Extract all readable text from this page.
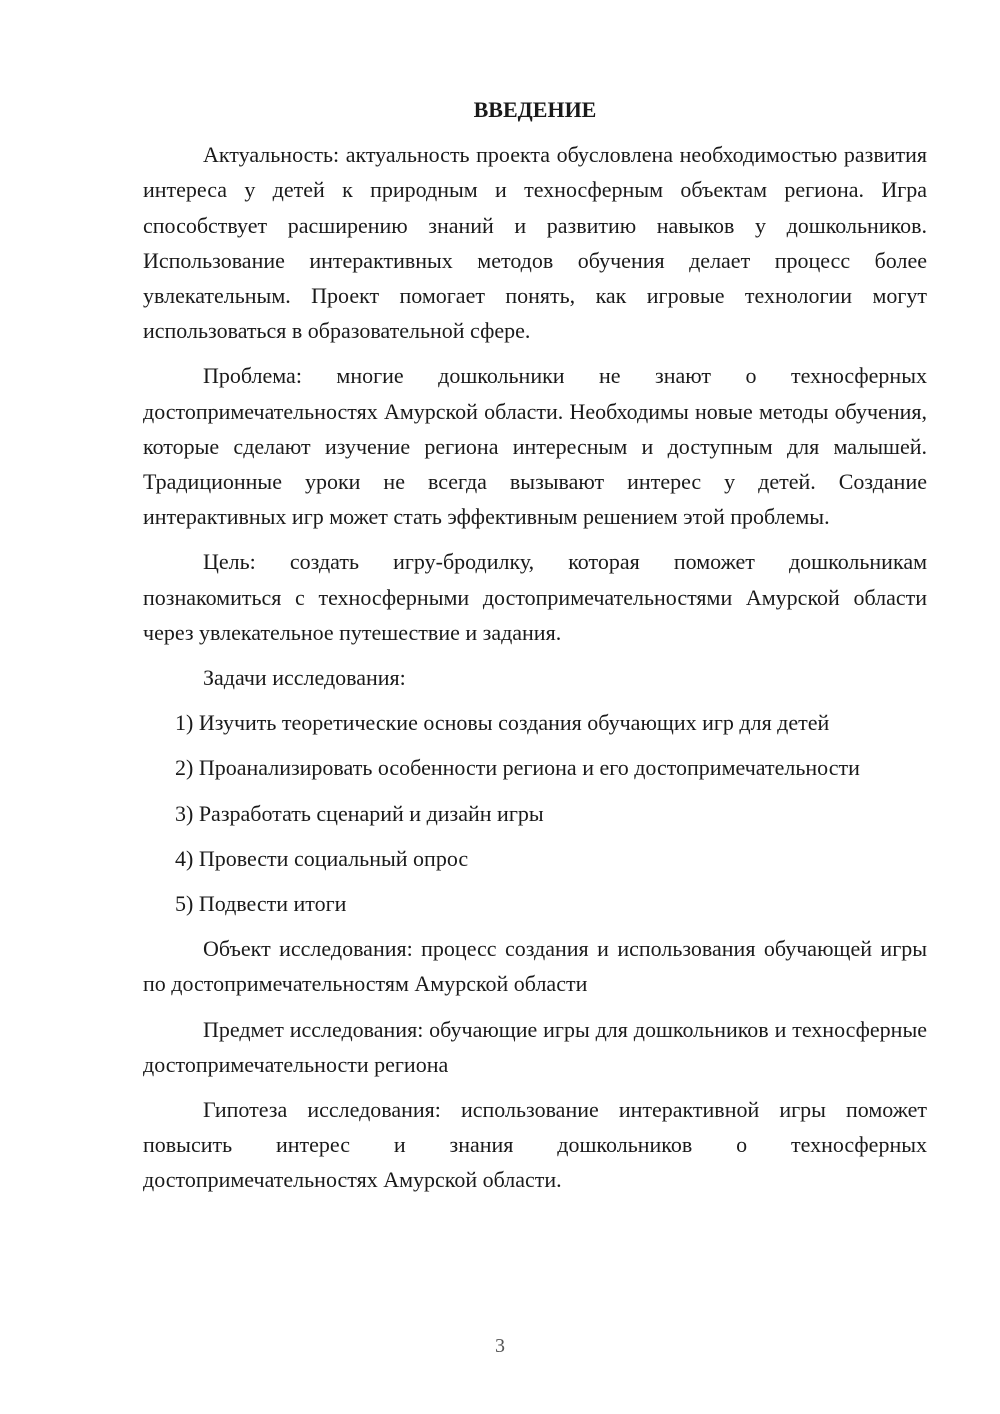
ВВЕДЕНИЕ

Актуальность: актуальность проекта обусловлена необходимостью развития интереса у детей к природным и техносферным объектам региона. Игра способствует расширению знаний и развитию навыков у дошкольников. Использование интерактивных методов обучения делает процесс более увлекательным. Проект помогает понять, как игровые технологии могут использоваться в образовательной сфере.

Проблема: многие дошкольники не знают о техносферных достопримечательностях Амурской области. Необходимы новые методы обучения, которые сделают изучение региона интересным и доступным для малышей. Традиционные уроки не всегда вызывают интерес у детей. Создание интерактивных игр может стать эффективным решением этой проблемы.

Цель: создать игру-бродилку, которая поможет дошкольникам познакомиться с техносферными достопримечательностями Амурской области через увлекательное путешествие и задания.

Задачи исследования:

1) Изучить теоретические основы создания обучающих игр для детей

2) Проанализировать особенности региона и его достопримечательности

3) Разработать сценарий и дизайн игры

4) Провести социальный опрос

5) Подвести итоги

Объект исследования: процесс создания и использования обучающей игры по достопримечательностям Амурской области

Предмет исследования: обучающие игры для дошкольников и техносферные достопримечательности региона

Гипотеза исследования: использование интерактивной игры поможет повысить интерес и знания дошкольников о техносферных достопримечательностях Амурской области.

3
